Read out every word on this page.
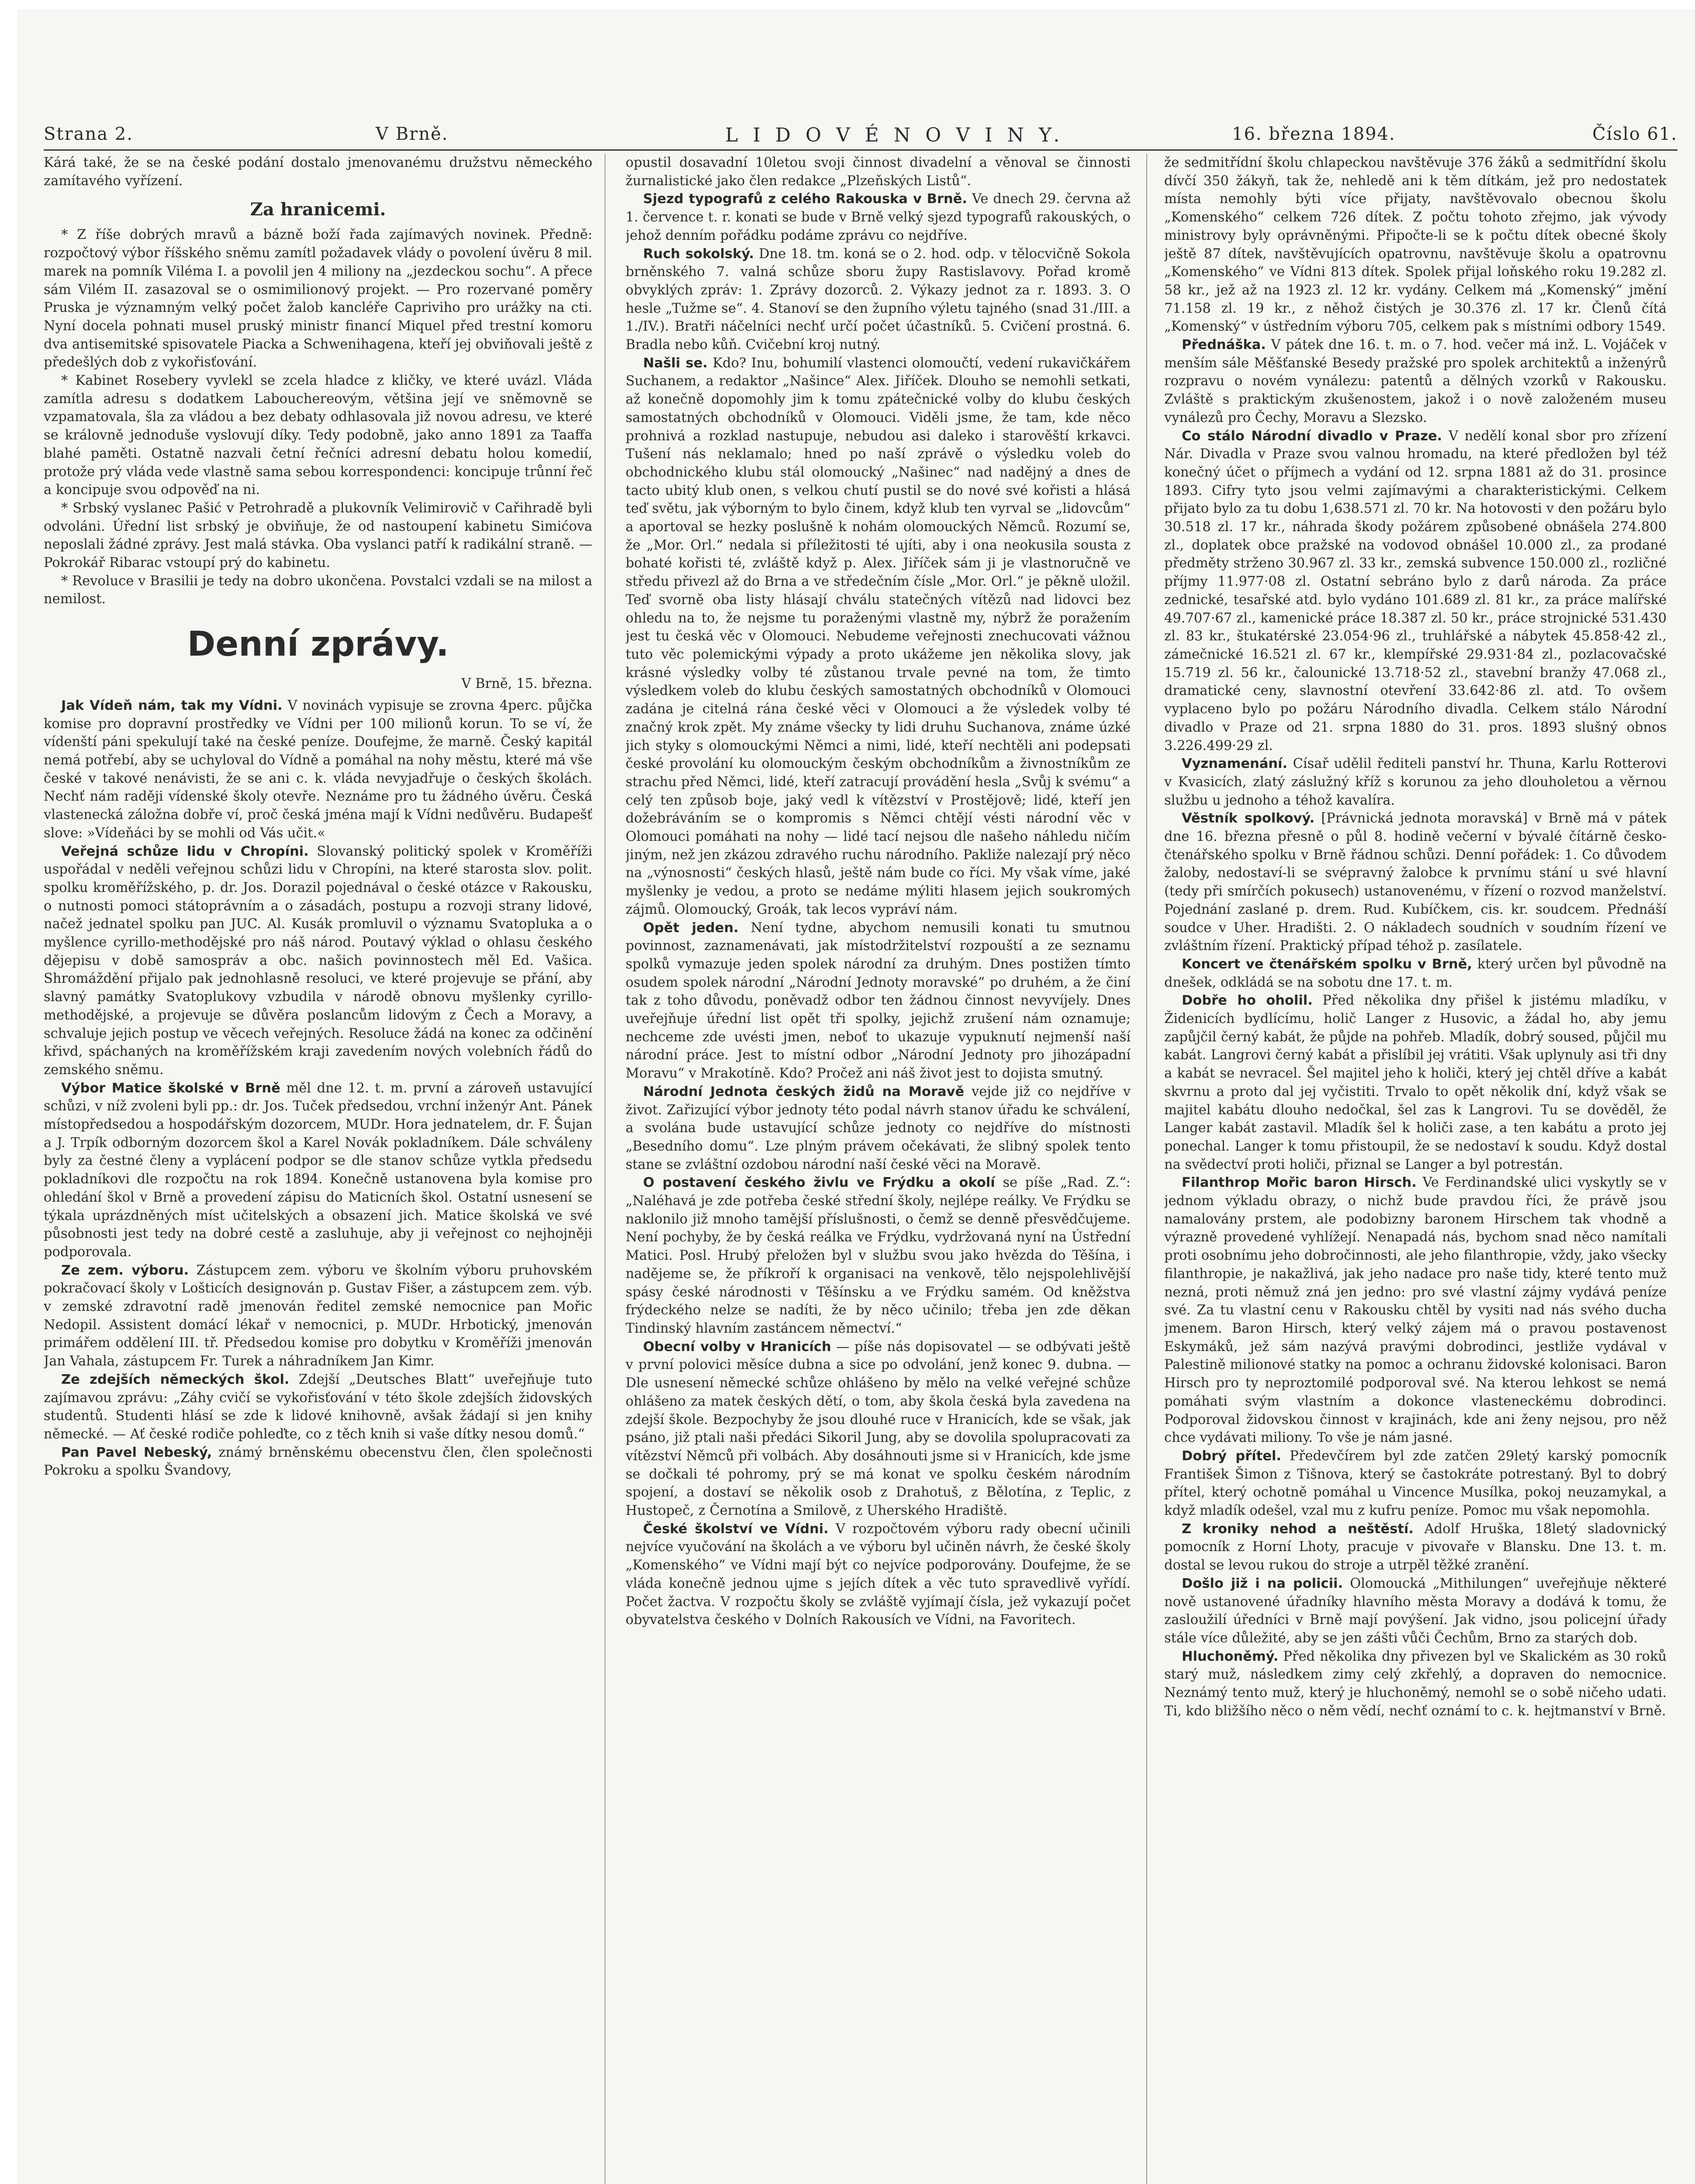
Strana 2.	V Brně.	L I D O V É N O V I N Y.	16. března 1894.	Číslo 61.

Kárá také, že se na české podání dostalo jmenovanému družstvu německého zamítavého vyřízení.

Za hranicemi.

* Z říše dobrých mravů a bázně boží řada zajímavých novinek. Předně: rozpočtový výbor říšského sněmu zamítl požadavek vlády o povolení úvěru 8 mil. marek na pomník Viléma I. a povolil jen 4 miliony na „jezdeckou sochu“. A přece sám Vilém II. zasazoval se o osmimilionový projekt. — Pro rozervané poměry Pruska je významným velký počet žalob kancléře Capriviho pro urážky na cti. Nyní docela pohnati musel pruský ministr financí Miquel před trestní komoru dva antisemitské spisovatele Piacka a Schwenihagena, kteří jej obviňovali ještě z předešlých dob z vykořisťování.

* Kabinet Rosebery vyvlekl se zcela hladce z kličky, ve které uvázl. Vláda zamítla adresu s dodatkem Labouchereovým, většina její ve sněmovně se vzpamatovala, šla za vládou a bez debaty odhlasovala již novou adresu, ve které se královně jednoduše vyslovují díky. Tedy podobně, jako anno 1891 za Taaffa blahé paměti. Ostatně nazvali četní řečníci adresní debatu holou komedií, protože prý vláda vede vlastně sama sebou korrespondenci: koncipuje trůnní řeč a koncipuje svou odpověď na ni.

* Srbský vyslanec Pašić v Petrohradě a plukovník Velimirovič v Cařihradě byli odvoláni. Úřední list srbský je obviňuje, že od nastoupení kabinetu Simićova neposlali žádné zprávy. Jest malá stávka. Oba vyslanci patří k radikální straně. — Pokrokář Ribarac vstoupí prý do kabinetu.

* Revoluce v Brasilii je tedy na dobro ukončena. Povstalci vzdali se na milost a nemilost.

Denní zprávy.
V Brně, 15. března.

Jak Vídeň nám, tak my Vídni. V novinách vypisuje se zrovna 4perc. půjčka komise pro dopravní prostředky ve Vídni per 100 milionů korun. To se ví, že vídenští páni spekulují také na české peníze. Doufejme, že marně. Český kapitál nemá potřebí, aby se uchyloval do Vídně a pomáhal na nohy městu, které má vše české v takové nenávisti, že se ani c. k. vláda nevyjadřuje o českých školách. Nechť nám raději vídenské školy otevře. Neznáme pro tu žádného úvěru. Česká vlastenecká záložna dobře ví, proč česká jména mají k Vídni nedůvěru. Budapešť slove: »Vídeňáci by se mohli od Vás učit.«

Veřejná schůze lidu v Chropíni. Slovanský politický spolek v Kroměříži uspořádal v neděli veřejnou schůzi lidu v Chropíni, na které starosta slov. polit. spolku kroměřížského, p. dr. Jos. Dorazil pojednával o české otázce v Rakousku, o nutnosti pomoci státoprávním a o zásadách, postupu a rozvoji strany lidové, načež jednatel spolku pan JUC. Al. Kusák promluvil o významu Svatopluka a o myšlence cyrillo-methodějské pro náš národ. Poutavý výklad o ohlasu českého dějepisu v době samospráv a obc. našich povinnostech měl Ed. Vašica. Shromáždění přijalo pak jednohlasně resoluci, ve které projevuje se přání, aby slavný památky Svatoplukovy vzbudila v národě obnovu myšlenky cyrillo-methodějské, a projevuje se důvěra poslancům lidovým z Čech a Moravy, a schvaluje jejich postup ve věcech veřejných. Resoluce žádá na konec za odčinění křivd, spáchaných na kroměřížském kraji zavedením nových volebních řádů do zemského sněmu.

Výbor Matice školské v Brně měl dne 12. t. m. první a zároveň ustavující schůzi, v níž zvoleni byli pp.: dr. Jos. Tuček předsedou, vrchní inženýr Ant. Pánek místopředsedou a hospodářským dozorcem, MUDr. Hora jednatelem, dr. F. Šujan a J. Trpík odborným dozorcem škol a Karel Novák pokladníkem. Dále schváleny byly za čestné členy a vyplácení podpor se dle stanov schůze vytkla předsedu pokladníkovi dle rozpočtu na rok 1894. Konečně ustanovena byla komise pro ohledání škol v Brně a provedení zápisu do Maticních škol. Ostatní usnesení se týkala uprázdněných míst učitelských a obsazení jich. Matice školská ve své působnosti jest tedy na dobré cestě a zasluhuje, aby ji veřejnost co nejhojněji podporovala.

Ze zem. výboru. Zástupcem zem. výboru ve školním výboru pruhovském pokračovací školy v Lošticích designován p. Gustav Fišer, a zástupcem zem. výb. v zemské zdravotní radě jmenován ředitel zemské nemocnice pan Mořic Nedopil. Assistent domácí lékař v nemocnici, p. MUDr. Hrbotický, jmenován primářem oddělení III. tř. Předsedou komise pro dobytku v Kroměříži jmenován Jan Vahala, zástupcem Fr. Turek a náhradníkem Jan Kimr.

Ze zdejších německých škol. Zdejší „Deutsches Blatt“ uveřejňuje tuto zajímavou zprávu: „Záhy cvičí se vykořisťování v této škole zdejších židovských studentů. Studenti hlásí se zde k lidové knihovně, avšak žádají si jen knihy německé. — Ať české rodiče pohleďte, co z těch knih si vaše dítky nesou domů.“

Pan Pavel Nebeský, známý brněnskému obecenstvu člen, člen společnosti Pokroku a spolku Švandovy,

opustil dosavadní 10letou svoji činnost divadelní a věnoval se činnosti žurnalistické jako člen redakce „Plzeňských Listů“.

Sjezd typografů z celého Rakouska v Brně. Ve dnech 29. června až 1. července t. r. konati se bude v Brně velký sjezd typografů rakouských, o jehož denním pořádku podáme zprávu co nejdříve.

Ruch sokolský. Dne 18. tm. koná se o 2. hod. odp. v tělocvičně Sokola brněnského 7. valná schůze sboru župy Rastislavovy. Pořad kromě obvyklých zpráv: 1. Zprávy dozorců. 2. Výkazy jednot za r. 1893. 3. O hesle „Tužme se“. 4. Stanoví se den župního výletu tajného (snad 31./III. a 1./IV.). Bratři náčelníci nechť určí počet účastníků. 5. Cvičení prostná. 6. Bradla nebo kůň. Cvičební kroj nutný.

Našli se. Kdo? Inu, bohumilí vlastenci olomoučtí, vedení rukavičkářem Suchanem, a redaktor „Našince“ Alex. Jiříček. Dlouho se nemohli setkati, až konečně dopomohly jim k tomu zpátečnické volby do klubu českých samostatných obchodníků v Olomouci. Viděli jsme, že tam, kde něco prohnivá a rozklad nastupuje, nebudou asi daleko i starověští krkavci. Tušení nás neklamalo; hned po naší zprávě o výsledku voleb do obchodnického klubu stál olomoucký „Našinec“ nad nadějný a dnes de tacto ubitý klub onen, s velkou chutí pustil se do nové své kořisti a hlásá teď světu, jak výborným to bylo činem, když klub ten vyrval se „lidovcům“ a aportoval se hezky poslušně k nohám olomouckých Němců. Rozumí se, že „Mor. Orl.“ nedala si příležitosti té ujíti, aby i ona neokusila sousta z bohaté kořisti té, zvláště když p. Alex. Jiříček sám ji je vlastnoručně ve středu přivezl až do Brna a ve středečním čísle „Mor. Orl.“ je pěkně uložil. Teď svorně oba listy hlásají chválu statečných vítězů nad lidovci bez ohledu na to, že nejsme tu poraženými vlastně my, nýbrž že poražením jest tu česká věc v Olomouci. Nebudeme veřejnosti znechucovati vážnou tuto věc polemickými výpady a proto ukážeme jen několika slovy, jak krásné výsledky volby té zůstanou trvale pevné na tom, že timto výsledkem voleb do klubu českých samostatných obchodníků v Olomouci zadána je citelná rána české věci v Olomouci a že výsledek volby té značný krok zpět. My známe všecky ty lidi druhu Suchanova, známe úzké jich styky s olomouckými Němci a nimi, lidé, kteří nechtěli ani podepsati české provolání ku olomouckým českým obchodníkům a živnostníkům ze strachu před Němci, lidé, kteří zatracují provádění hesla „Svůj k svému“ a celý ten způsob boje, jaký vedl k vítězství v Prostějově; lidé, kteří jen dožebráváním se o kompromis s Němci chtějí vésti národní věc v Olomouci pomáhati na nohy — lidé tací nejsou dle našeho náhledu ničím jiným, než jen zkázou zdravého ruchu národního. Pakliže nalezají prý něco na „výnosnosti“ českých hlasů, ještě nám bude co říci. My však víme, jaké myšlenky je vedou, a proto se nedáme mýliti hlasem jejich soukromých zájmů. Olomoucký, Groák, tak lecos vypráví nám.

Opět jeden. Není tydne, abychom nemusili konati tu smutnou povinnost, zaznamenávati, jak místodržitelství rozpouští a ze seznamu spolků vymazuje jeden spolek národní za druhým. Dnes postižen tímto osudem spolek národní „Národní Jednoty moravské“ po druhém, a že činí tak z toho důvodu, poněvadž odbor ten žádnou činnost nevyvíjely. Dnes uveřejňuje úřední list opět tři spolky, jejichž zrušení nám oznamuje; nechceme zde uvésti jmen, neboť to ukazuje vypuknutí nejmenší naší národní práce. Jest to místní odbor „Národní Jednoty pro jihozápadní Moravu“ v Mrakotíně. Kdo? Pročež ani náš život jest to dojista smutný.

Národní Jednota českých židů na Moravě vejde již co nejdříve v život. Zařizující výbor jednoty této podal návrh stanov úřadu ke schválení, a svolána bude ustavující schůze jednoty co nejdříve do místnosti „Besedního domu“. Lze plným právem očekávati, že slibný spolek tento stane se zvláštní ozdobou národní naší české věci na Moravě.

O postavení českého živlu ve Frýdku a okolí se píše „Rad. Z.“: „Naléhavá je zde potřeba české střední školy, nejlépe reálky. Ve Frýdku se naklonilo již mnoho tamější příslušnosti, o čemž se denně přesvědčujeme. Není pochyby, že by česká reálka ve Frýdku, vydržovaná nyní na Ústřední Matici. Posl. Hrubý přeložen byl v službu svou jako hvězda do Těšína, i nadějeme se, že příkroří k organisaci na venkově, tělo nejspolehlivější spásy české národnosti v Těšínsku a ve Frýdku samém. Od kněžstva frýdeckého nelze se nadíti, že by něco učinilo; třeba jen zde děkan Tindinský hlavním zastáncem němectví.“

Obecní volby v Hranicích — píše nás dopisovatel — se odbývati ještě v první polovici měsíce dubna a sice po odvolání, jenž konec 9. dubna. — Dle usnesení německé schůze ohlášeno by mělo na velké veřejné schůze ohlášeno za matek českých dětí, o tom, aby škola česká byla zavedena na zdejší škole. Bezpochyby že jsou dlouhé ruce v Hranicích, kde se však, jak psáno, již ptali naši předáci Sikoril Jung, aby se dovolila spolupracovati za vítězství Němců při volbách. Aby dosáhnouti jsme si v Hranicích, kde jsme se dočkali té pohromy, prý se má konat ve spolku českém národním spojení, a dostaví se několik osob z Drahotuš, z Bělotína, z Teplic, z Hustopeč, z Černotína a Smilově, z Uherského Hradiště.

České školství ve Vídni. V rozpočtovém výboru rady obecní učinili nejvíce vyučování na školách a ve výboru byl učiněn návrh, že české školy „Komenského“ ve Vídni mají být co nejvíce podporovány. Doufejme, že se vláda konečně jednou ujme s jejích dítek a věc tuto spravedlivě vyřídí. Počet žactva. V rozpočtu školy se zvláště vyjímají čísla, jež vykazují počet obyvatelstva českého v Dolních Rakousích ve Vídni, na Favoritech.

že sedmitřídní školu chlapeckou navštěvuje 376 žáků a sedmitřídní školu dívčí 350 žákyň, tak že, nehledě ani k těm dítkám, jež pro nedostatek místa nemohly býti více přijaty, navštěvovalo obecnou školu „Komenského“ celkem 726 dítek. Z počtu tohoto zřejmo, jak vývody ministrovy byly oprávněnými. Připočte-li se k počtu dítek obecné školy ještě 87 dítek, navštěvujících opatrovnu, navštěvuje školu a opatrovnu „Komenského“ ve Vídni 813 dítek. Spolek přijal loňského roku 19.282 zl. 58 kr., jež až na 1923 zl. 12 kr. vydány. Celkem má „Komenský“ jmění 71.158 zl. 19 kr., z něhož čistých je 30.376 zl. 17 kr. Členů čítá „Komenský“ v ústředním výboru 705, celkem pak s místními odbory 1549.

Přednáška. V pátek dne 16. t. m. o 7. hod. večer má inž. L. Vojáček v menším sále Měšťanské Besedy pražské pro spolek architektů a inženýrů rozpravu o novém vynálezu: patentů a dělných vzorků v Rakousku. Zvláště s praktickým zkušenostem, jakož i o nově založeném museu vynálezů pro Čechy, Moravu a Slezsko.

Co stálo Národní divadlo v Praze. V nedělí konal sbor pro zřízení Nár. Divadla v Praze svou valnou hromadu, na které předložen byl též konečný účet o příjmech a vydání od 12. srpna 1881 až do 31. prosince 1893. Cifry tyto jsou velmi zajímavými a charakteristickými. Celkem přijato bylo za tu dobu 1,638.571 zl. 70 kr. Na hotovosti v den požáru bylo 30.518 zl. 17 kr., náhrada škody požárem způsobené obnášela 274.800 zl., doplatek obce pražské na vodovod obnášel 10.000 zl., za prodané předměty strženo 30.967 zl. 33 kr., zemská subvence 150.000 zl., rozličné příjmy 11.977·08 zl. Ostatní sebráno bylo z darů národa. Za práce zednické, tesařské atd. bylo vydáno 101.689 zl. 81 kr., za práce malířské 49.707·67 zl., kamenické práce 18.387 zl. 50 kr., práce strojnické 531.430 zl. 83 kr., štukatérské 23.054·96 zl., truhlářské a nábytek 45.858·42 zl., zámečnické 16.521 zl. 67 kr., klempířské 29.931·84 zl., pozlacovačské 15.719 zl. 56 kr., čalounické 13.718·52 zl., stavební branžy 47.068 zl., dramatické ceny, slavnostní otevření 33.642·86 zl. atd. To ovšem vyplaceno bylo po požáru Národního divadla. Celkem stálo Národní divadlo v Praze od 21. srpna 1880 do 31. pros. 1893 slušný obnos 3.226.499·29 zl.

Vyznamenání. Císař udělil řediteli panství hr. Thuna, Karlu Rotterovi v Kvasicích, zlatý záslužný kříž s korunou za jeho dlouholetou a věrnou službu u jednoho a téhož kavalíra.

Věstník spolkový. [Právnická jednota moravská] v Brně má v pátek dne 16. března přesně o půl 8. hodině večerní v bývalé čítárně česko-čtenářského spolku v Brně řádnou schůzi. Denní pořádek: 1. Co důvodem žaloby, nedostaví-li se svépravný žalobce k prvnímu stání u své hlavní (tedy při smírčích pokusech) ustanovenému, v řízení o rozvod manželství. Pojednání zaslané p. drem. Rud. Kubíčkem, cis. kr. soudcem. Přednáší soudce v Uher. Hradišti. 2. O nákladech soudních v soudním řízení ve zvláštním řízení. Praktický případ téhož p. zasílatele.

Koncert ve čtenářském spolku v Brně, který určen byl původně na dnešek, odkládá se na sobotu dne 17. t. m.

Dobře ho oholil. Před několika dny přišel k jistému mladíku, v Židenicích bydlícímu, holič Langer z Husovic, a žádal ho, aby jemu zapůjčil černý kabát, že půjde na pohřeb. Mladík, dobrý soused, půjčil mu kabát. Langrovi černý kabát a přislíbil jej vrátiti. Však uplynuly asi tři dny a kabát se nevracel. Šel majitel jeho k holiči, který jej chtěl dříve a kabát skvrnu a proto dal jej vyčistiti. Trvalo to opět několik dní, když však se majitel kabátu dlouho nedočkal, šel zas k Langrovi. Tu se dověděl, že Langer kabát zastavil. Mladík šel k holiči zase, a ten kabátu a proto jej ponechal. Langer k tomu přistoupil, že se nedostaví k soudu. Když dostal na svědectví proti holiči, přiznal se Langer a byl potrestán.

Filanthrop Mořic baron Hirsch. Ve Ferdinandské ulici vyskytly se v jednom výkladu obrazy, o nichž bude pravdou říci, že právě jsou namalovány prstem, ale podobizny baronem Hirschem tak vhodně a výrazně provedené vyhlížejí. Nenapadá nás, bychom snad něco namítali proti osobnímu jeho dobročinnosti, ale jeho filanthropie, vždy, jako všecky filanthropie, je nakažlivá, jak jeho nadace pro naše tidy, které tento muž nezná, proti němuž zná jen jedno: pro své vlastní zájmy vydává peníze své. Za tu vlastní cenu v Rakousku chtěl by vysiti nad nás svého ducha jmenem. Baron Hirsch, který velký zájem má o pravou postavenost Eskymáků, jež sám nazývá pravými dobrodinci, jestliže vydával v Palestině milionové statky na pomoc a ochranu židovské kolonisaci. Baron Hirsch pro ty neproztomilé podporoval své. Na kterou lehkost se nemá pomáhati svým vlastním a dokonce vlasteneckému dobrodinci. Podporoval židovskou činnost v krajinách, kde ani ženy nejsou, pro něž chce vydávati miliony. To vše je nám jasné.

Dobrý přítel. Předevčírem byl zde zatčen 29letý karský pomocník František Šimon z Tišnova, který se častokráte potrestaný. Byl to dobrý přítel, který ochotně pomáhal u Vincence Musílka, pokoj neuzamykal, a když mladík odešel, vzal mu z kufru peníze. Pomoc mu však nepomohla.

Z kroniky nehod a neštěstí. Adolf Hruška, 18letý sladovnický pomocník z Horní Lhoty, pracuje v pivovaře v Blansku. Dne 13. t. m. dostal se levou rukou do stroje a utrpěl těžké zranění.

Došlo již i na policii. Olomoucká „Mithilungen“ uveřejňuje některé nově ustanovené úřadníky hlavního města Moravy a dodává k tomu, že zasloužilí úředníci v Brně mají povýšení. Jak vidno, jsou policejní úřady stále více důležité, aby se jen zášti vůči Čechům, Brno za starých dob.

Hluchoněmý. Před několika dny přivezen byl ve Skalickém as 30 roků starý muž, následkem zimy celý zkřehlý, a dopraven do nemocnice. Neznámý tento muž, který je hluchoněmý, nemohl se o sobě ničeho udati. Ti, kdo bližšího něco o něm vědí, nechť oznámí to c. k. hejtmanství v Brně.
